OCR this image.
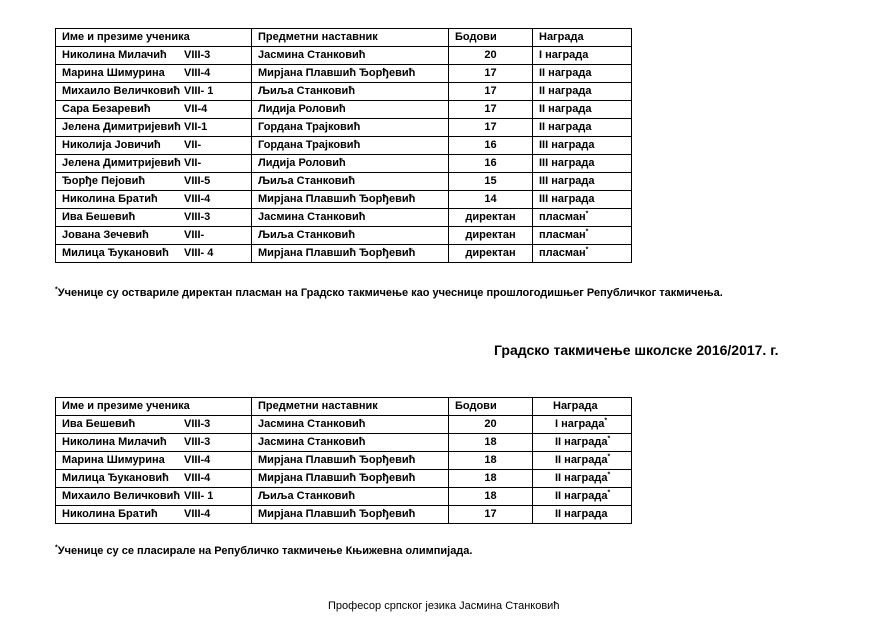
Име и презиме ученика	Предметни наставник	Бодови	Награда
Николина Милачић VIII-3	Јасмина Станковић	20	I награда
Марина Шимурина VIII-4	Мирјана Плавшић Ђорђевић	17	II награда
Михаило Величковић VIII- 1	Љиља Станковић	17	II награда
Сара Безаревић VII-4	Лидија Роловић	17	II награда
Јелена Димитријевић VII-1	Гордана Трајковић	17	II награда
Николија Јовичић VII-	Гордана Трајковић	16	III награда
Јелена Димитријевић VII-	Лидија Роловић	16	III награда
Ђорђе Пејовић VIII-5	Љиља Станковић	15	III награда
Николина Братић VIII-4	Мирјана Плавшић Ђорђевић	14	III награда
Ива Бешевић VIII-3	Јасмина Станковић	директан	пласман*
Јована Зечевић VIII-	Љиља Станковић	директан	пласман*
Милица Ђукановић VIII- 4	Мирјана Плавшић Ђорђевић	директан	пласман*
*Ученице су оствариле директан пласман на Градско такмичење као учеснице прошлогодишњег Републичког такмичења.
Градско такмичење школске 2016/2017. г.
Име и презиме ученика	Предметни наставник	Бодови	Награда
Ива Бешевић VIII-3	Јасмина Станковић	20	I награда*
Николина Милачић VIII-3	Јасмина Станковић	18	II награда*
Марина Шимурина VIII-4	Мирјана Плавшић Ђорђевић	18	II награда*
Милица Ђукановић VIII-4	Мирјана Плавшић Ђорђевић	18	II награда*
Михаило Величковић VIII- 1	Љиља Станковић	18	II награда*
Николина Братић VIII-4	Мирјана Плавшић Ђорђевић	17	II награда
*Ученице су се пласирале на Републичко такмичење Књижевна олимпијада.
Професор српског језика Јасмина Станковић
